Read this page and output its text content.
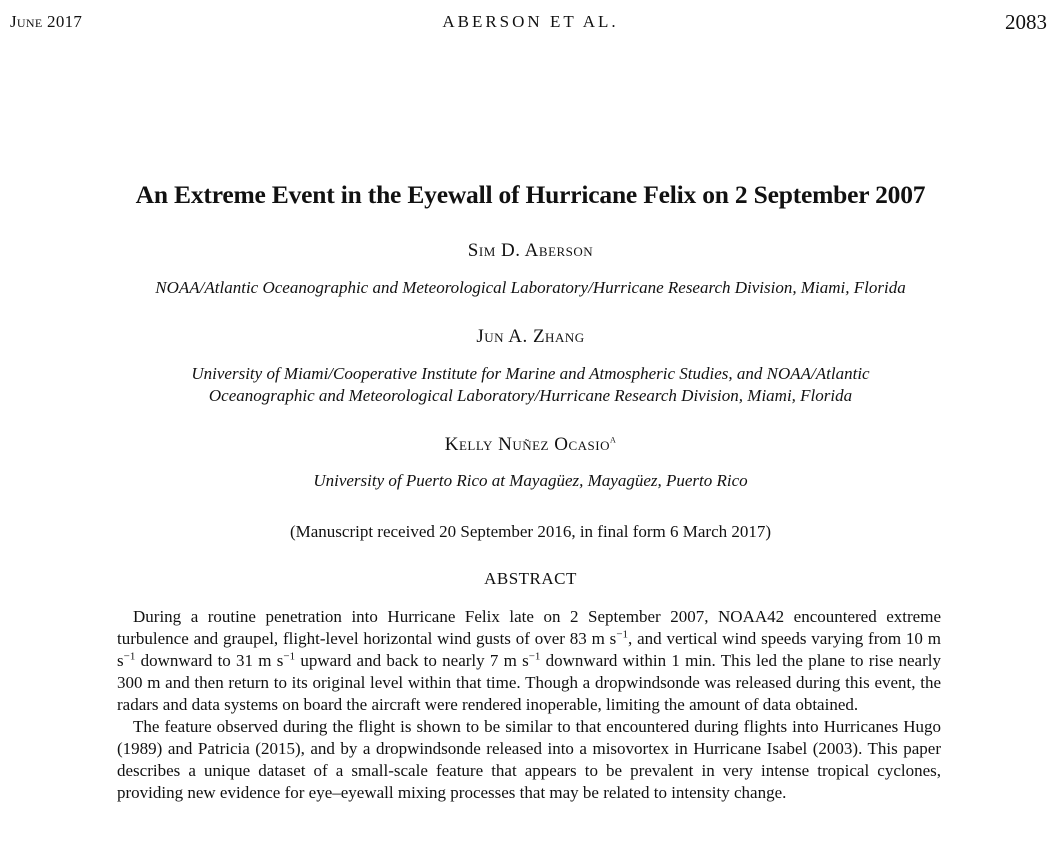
June 2017	ABERSON ET AL.	2083
An Extreme Event in the Eyewall of Hurricane Felix on 2 September 2007
Sim D. Aberson
NOAA/Atlantic Oceanographic and Meteorological Laboratory/Hurricane Research Division, Miami, Florida
Jun A. Zhang
University of Miami/Cooperative Institute for Marine and Atmospheric Studies, and NOAA/Atlantic
Oceanographic and Meteorological Laboratory/Hurricane Research Division, Miami, Florida
Kelly Nuñez Ocasio$^a$
University of Puerto Rico at Mayagüez, Mayagüez, Puerto Rico
(Manuscript received 20 September 2016, in final form 6 March 2017)
ABSTRACT

During a routine penetration into Hurricane Felix late on 2 September 2007, NOAA42 encountered extreme turbulence and graupel, flight-level horizontal wind gusts of over 83 m $s^{-1}$, and vertical wind speeds varying from 10 m $s^{-1}$ downward to 31 m $s^{-1}$ upward and back to nearly 7 m $s^{-1}$ downward within 1 min. This led the plane to rise nearly 300 m and then return to its original level within that time. Though a dropwindsonde was released during this event, the radars and data systems on board the aircraft were rendered inoperable, limiting the amount of data obtained.

The feature observed during the flight is shown to be similar to that encountered during flights into Hurricanes Hugo (1989) and Patricia (2015), and by a dropwindsonde released into a misovortex in Hurricane Isabel (2003). This paper describes a unique dataset of a small-scale feature that appears to be prevalent in very intense tropical cyclones, providing new evidence for eye–eyewall mixing processes that may be related to intensity change.
